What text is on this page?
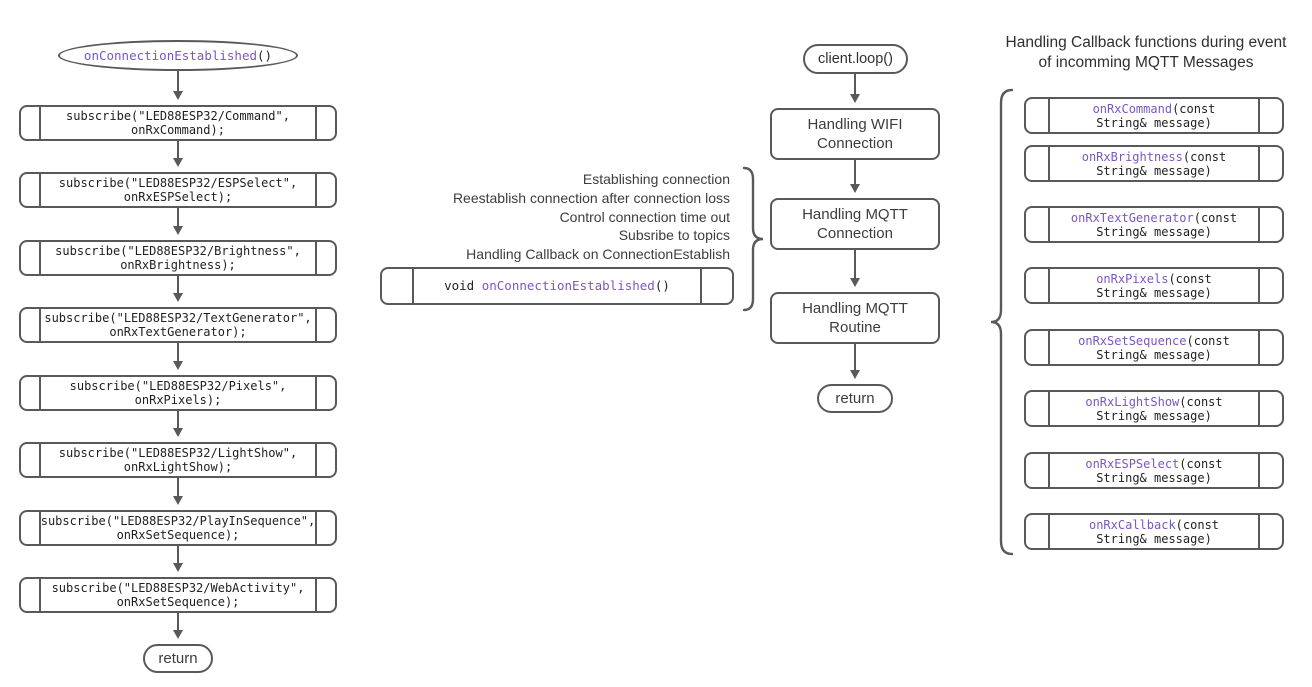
onConnectionEstablished ()
subscribe("LED88ESP32/Command",
onRxCommand);
subscribe("LED88ESP32/ESPSelect",
onRxESPSelect);
subscribe("LED88ESP32/Brightness",
onRxBrightness);
subscribe("LED88ESP32/TextGenerator",
onRxTextGenerator);
subscribe("LED88ESP32/Pixels",
onRxPixels);
subscribe("LED88ESP32/LightShow",
onRxLightShow);
subscribe("LED88ESP32/PlayInSequence",
onRxSetSequence);
subscribe("LED88ESP32/WebActivity",
onRxSetSequence);
return
Establishing connection
Reestablish connection after connection loss
Control connection time out
Subsribe to topics
Handling Callback on ConnectionEstablish
void onConnectionEstablished()
client.loop()
Handling WIFI
Connection
Handling MQTT
Connection
Handling MQTT
Routine
return
Handling Callback functions during event
of incomming MQTT Messages
onRxCommand(const
String& message)
onRxBrightness(const
String& message)
onRxTextGenerator(const
String& message)
onRxPixels(const
String& message)
onRxSetSequence(const
String& message)
onRxLightShow(const
String& message)
onRxESPSelect(const
String& message)
onRxCallback(const
String& message)
